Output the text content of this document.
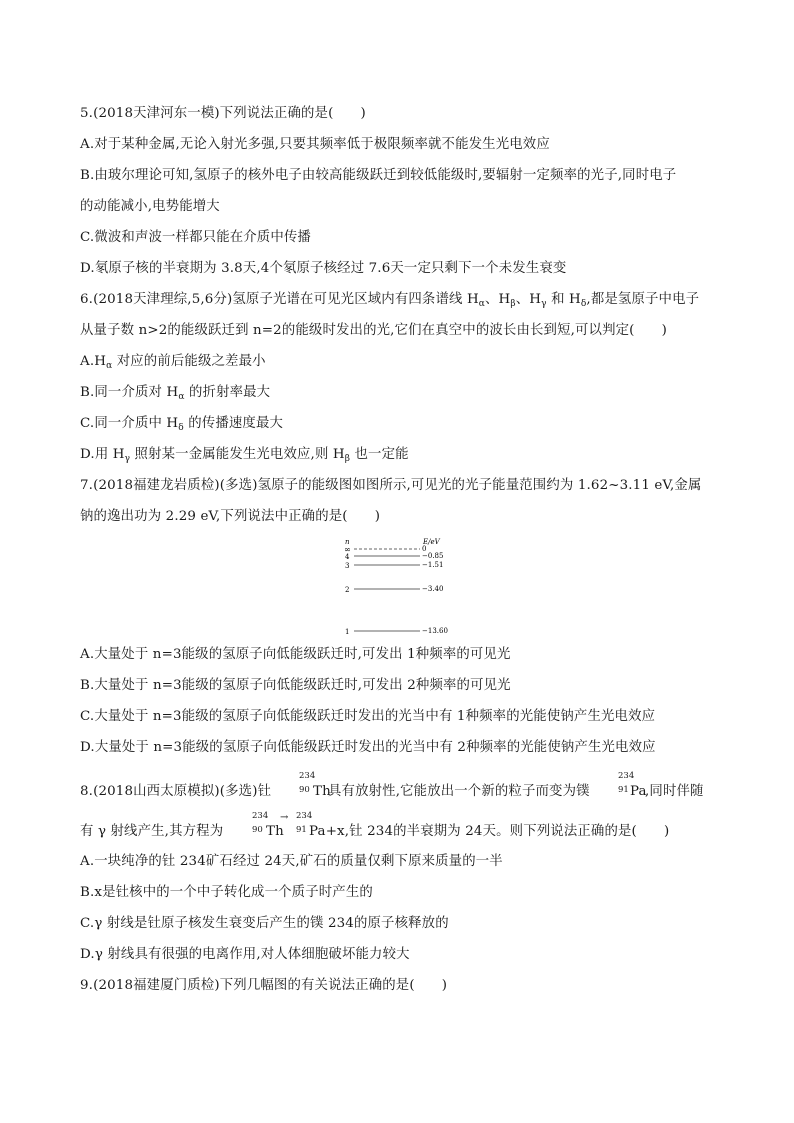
5.(2018天津河东一模)下列说法正确的是(　　)
A.对于某种金属,无论入射光多强,只要其频率低于极限频率就不能发生光电效应
B.由玻尔理论可知,氢原子的核外电子由较高能级跃迁到较低能级时,要辐射一定频率的光子,同时电子
的动能减小,电势能增大
C.微波和声波一样都只能在介质中传播
D.氡原子核的半衰期为 3.8天,4个氡原子核经过 7.6天一定只剩下一个未发生衰变
6.(2018天津理综,5,6分)氢原子光谱在可见光区域内有四条谱线 $H_\alpha$、$H_\beta$、$H_\gamma$ 和 $H_\delta$,都是氢原子中电子
从量子数 n>2的能级跃迁到 n=2的能级时发出的光,它们在真空中的波长由长到短,可以判定(　　)
$A.H_\alpha$ 对应的前后能级之差最小
B.同一介质对 $H_\alpha$ 的折射率最大
C.同一介质中 $H_\delta$ 的传播速度最大
D.用 $H_\gamma$ 照射某一金属能发生光电效应,则 $H_\beta$ 也一定能
7.(2018福建龙岩质检)(多选)氢原子的能级图如图所示,可见光的光子能量范围约为 1.62~3.11 eV,金属
钠的逸出功为 2.29 eV,下列说法中正确的是(　　)
n	E/eV
∞	0
4	−0.85
3	−1.51
2	−3.40
1	−13.60
A.大量处于 n=3能级的氢原子向低能级跃迁时,可发出 1种频率的可见光
B.大量处于 n=3能级的氢原子向低能级跃迁时,可发出 2种频率的可见光
C.大量处于 n=3能级的氢原子向低能级跃迁时发出的光当中有 1种频率的光能使钠产生光电效应
D.大量处于 n=3能级的氢原子向低能级跃迁时发出的光当中有 2种频率的光能使钠产生光电效应
8.(2018山西太原模拟)(多选)钍
234
90 Th
具有放射性,它能放出一个新的粒子而变为镤
234
91 Pa
,同时伴随
有 γ 射线产生,其方程为
234
90 Th
234
→
91 Pa+x,钍 234的半衰期为 24天。则下列说法正确的是(　　)
A.一块纯净的钍 234矿石经过 24天,矿石的质量仅剩下原来质量的一半
B.x是钍核中的一个中子转化成一个质子时产生的
C.γ 射线是钍原子核发生衰变后产生的镤 234的原子核释放的
D.γ 射线具有很强的电离作用,对人体细胞破坏能力较大
9.(2018福建厦门质检)下列几幅图的有关说法正确的是(　　)
